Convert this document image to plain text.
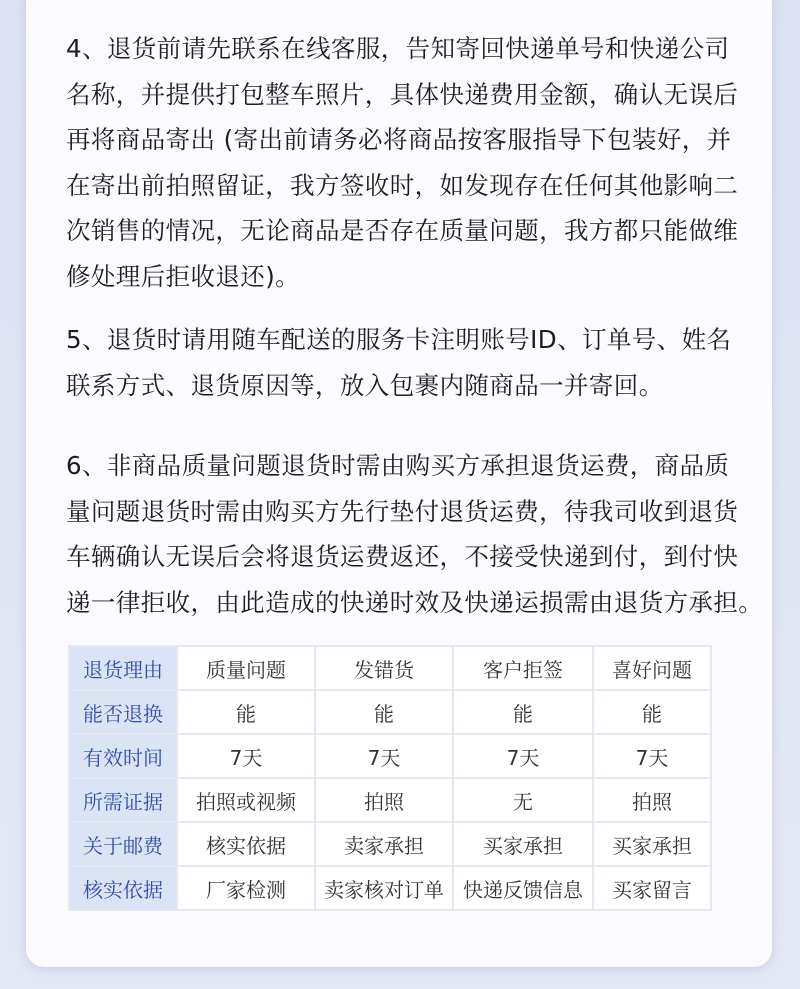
4、退货前请先联系在线客服，告知寄回快递单号和快递公司
名称，并提供打包整车照片，具体快递费用金额，确认无误后
再将商品寄出 (寄出前请务必将商品按客服指导下包装好，并
在寄出前拍照留证，我方签收时，如发现存在任何其他影响二
次销售的情况，无论商品是否存在质量问题，我方都只能做维
修处理后拒收退还)。
5、退货时请用随车配送的服务卡注明账号ID、订单号、姓名
联系方式、退货原因等，放入包裹内随商品一并寄回。
6、非商品质量问题退货时需由购买方承担退货运费，商品质
量问题退货时需由购买方先行垫付退货运费，待我司收到退货
车辆确认无误后会将退货运费返还，不接受快递到付，到付快
递一律拒收，由此造成的快递时效及快递运损需由退货方承担。
退货理由	质量问题	发错货	客户拒签	喜好问题
能否退换	能	能	能	能
有效时间	7天	7天	7天	7天
所需证据	拍照或视频	拍照	无	拍照
关于邮费	核实依据	卖家承担	买家承担	买家承担
核实依据	厂家检测	卖家核对订单	快递反馈信息	买家留言
